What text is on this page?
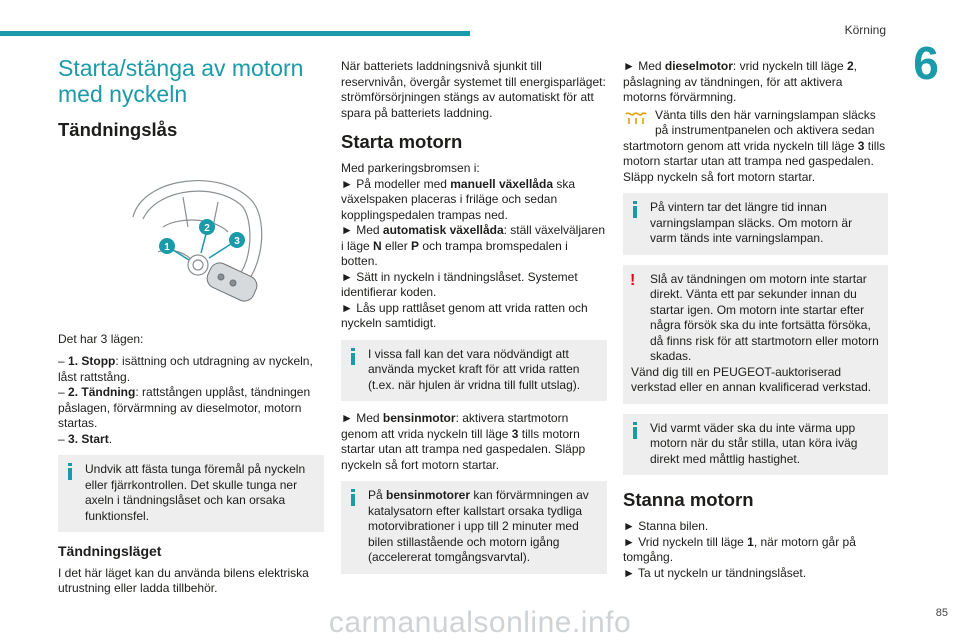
Körning
6
Starta/stänga av motorn med nyckeln
Tändningslås
1
2
3

Det har 3 lägen:

– 1. Stopp: isättning och utdragning av nyckeln, låst rattstång.

– 2. Tändning: rattstången upplåst, tändningen påslagen, förvärmning av dieselmotor, motorn startas.

– 3. Start.

Undvik att fästa tunga föremål på nyckeln eller fjärrkontrollen. Det skulle tunga ner axeln i tändningslåset och kan orsaka funktionsfel.
Tändningsläget

I det här läget kan du använda bilens elektriska utrustning eller ladda tillbehör.

När batteriets laddningsnivå sjunkit till reservnivån, övergår systemet till energisparläget: strömförsörjningen stängs av automatiskt för att spara på batteriets laddning.

Starta motorn

Med parkeringsbromsen i:

► På modeller med manuell växellåda ska växelspaken placeras i friläge och sedan kopplingspedalen trampas ned.

► Med automatisk växellåda: ställ växelväljaren i läge N eller P och trampa bromspedalen i botten.

► Sätt in nyckeln i tändningslåset. Systemet identifierar koden.

► Lås upp rattlåset genom att vrida ratten och nyckeln samtidigt.

I vissa fall kan det vara nödvändigt att använda mycket kraft för att vrida ratten (t.ex. när hjulen är vridna till fullt utslag).

► Med bensinmotor: aktivera startmotorn genom att vrida nyckeln till läge 3 tills motorn startar utan att trampa ned gaspedalen. Släpp nyckeln så fort motorn startar.

På bensinmotorer kan förvärmningen av katalysatorn efter kallstart orsaka tydliga motorvibrationer i upp till 2 minuter med bilen stillastående och motorn igång (accelererat tomgångsvarvtal).

► Med dieselmotor: vrid nyckeln till läge 2, påslagning av tändningen, för att aktivera motorns förvärmning.

Vänta tills den här varningslampan släcks på instrumentpanelen och aktivera sedan startmotorn genom att vrida nyckeln till läge 3 tills motorn startar utan att trampa ned gaspedalen. Släpp nyckeln så fort motorn startar.

På vintern tar det längre tid innan varningslampan släcks. Om motorn är varm tänds inte varningslampan.
!	Slå av tändningen om motorn inte startar direkt. Vänta ett par sekunder innan du startar igen. Om motorn inte startar efter några försök ska du inte fortsätta försöka, då finns risk för att startmotorn eller motorn skadas.
Vänd dig till en PEUGEOT-auktoriserad verkstad eller en annan kvalificerad verkstad.
Vid varmt väder ska du inte värma upp motorn när du står stilla, utan köra iväg direkt med måttlig hastighet.
Stanna motorn

► Stanna bilen.

► Vrid nyckeln till läge 1, när motorn går på tomgång.

► Ta ut nyckeln ur tändningslåset.

85
carmanualsonline.info
